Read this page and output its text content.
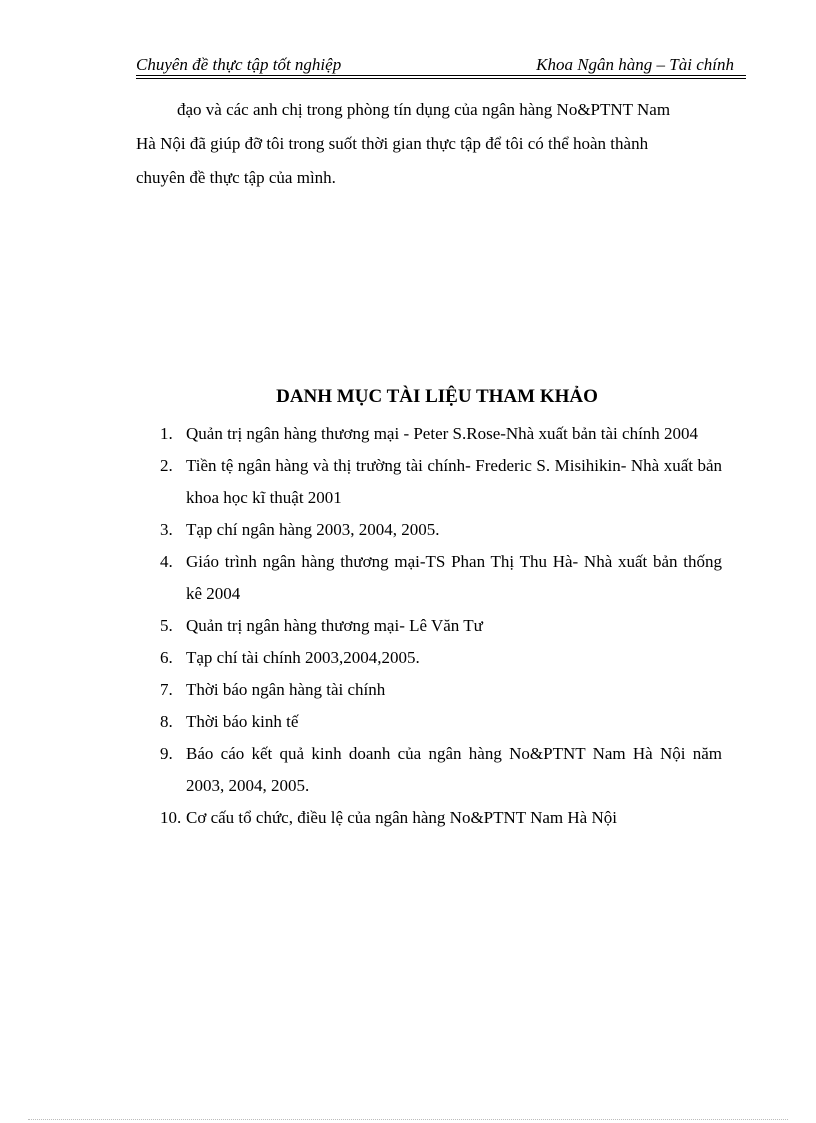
Chuyên đề thực tập tốt nghiệp	Khoa Ngân hàng – Tài chính

đạo và các anh chị trong phòng tín dụng của ngân hàng No&PTNT Nam

Hà Nội đã giúp đỡ tôi trong suốt thời gian thực tập để tôi có thể hoàn thành

chuyên đề thực tập của mình.

DANH MỤC TÀI LIỆU THAM KHẢO
1. Quản trị ngân hàng thương mại - Peter S.Rose-Nhà xuất bản tài chính 2004
2. Tiền tệ ngân hàng và thị trường tài chính- Frederic S. Misihikin- Nhà xuất bản khoa học kĩ thuật 2001
3. Tạp chí ngân hàng 2003, 2004, 2005.
4. Giáo trình ngân hàng thương mại-TS Phan Thị Thu Hà- Nhà xuất bản thống kê 2004
5. Quản trị ngân hàng thương mại- Lê Văn Tư
6. Tạp chí tài chính 2003,2004,2005.
7. Thời báo ngân hàng tài chính
8. Thời báo kinh tế
9. Báo cáo kết quả kinh doanh của ngân hàng No&PTNT Nam Hà Nội năm 2003, 2004, 2005.
10. Cơ cấu tổ chức, điều lệ của ngân hàng No&PTNT Nam Hà Nội
